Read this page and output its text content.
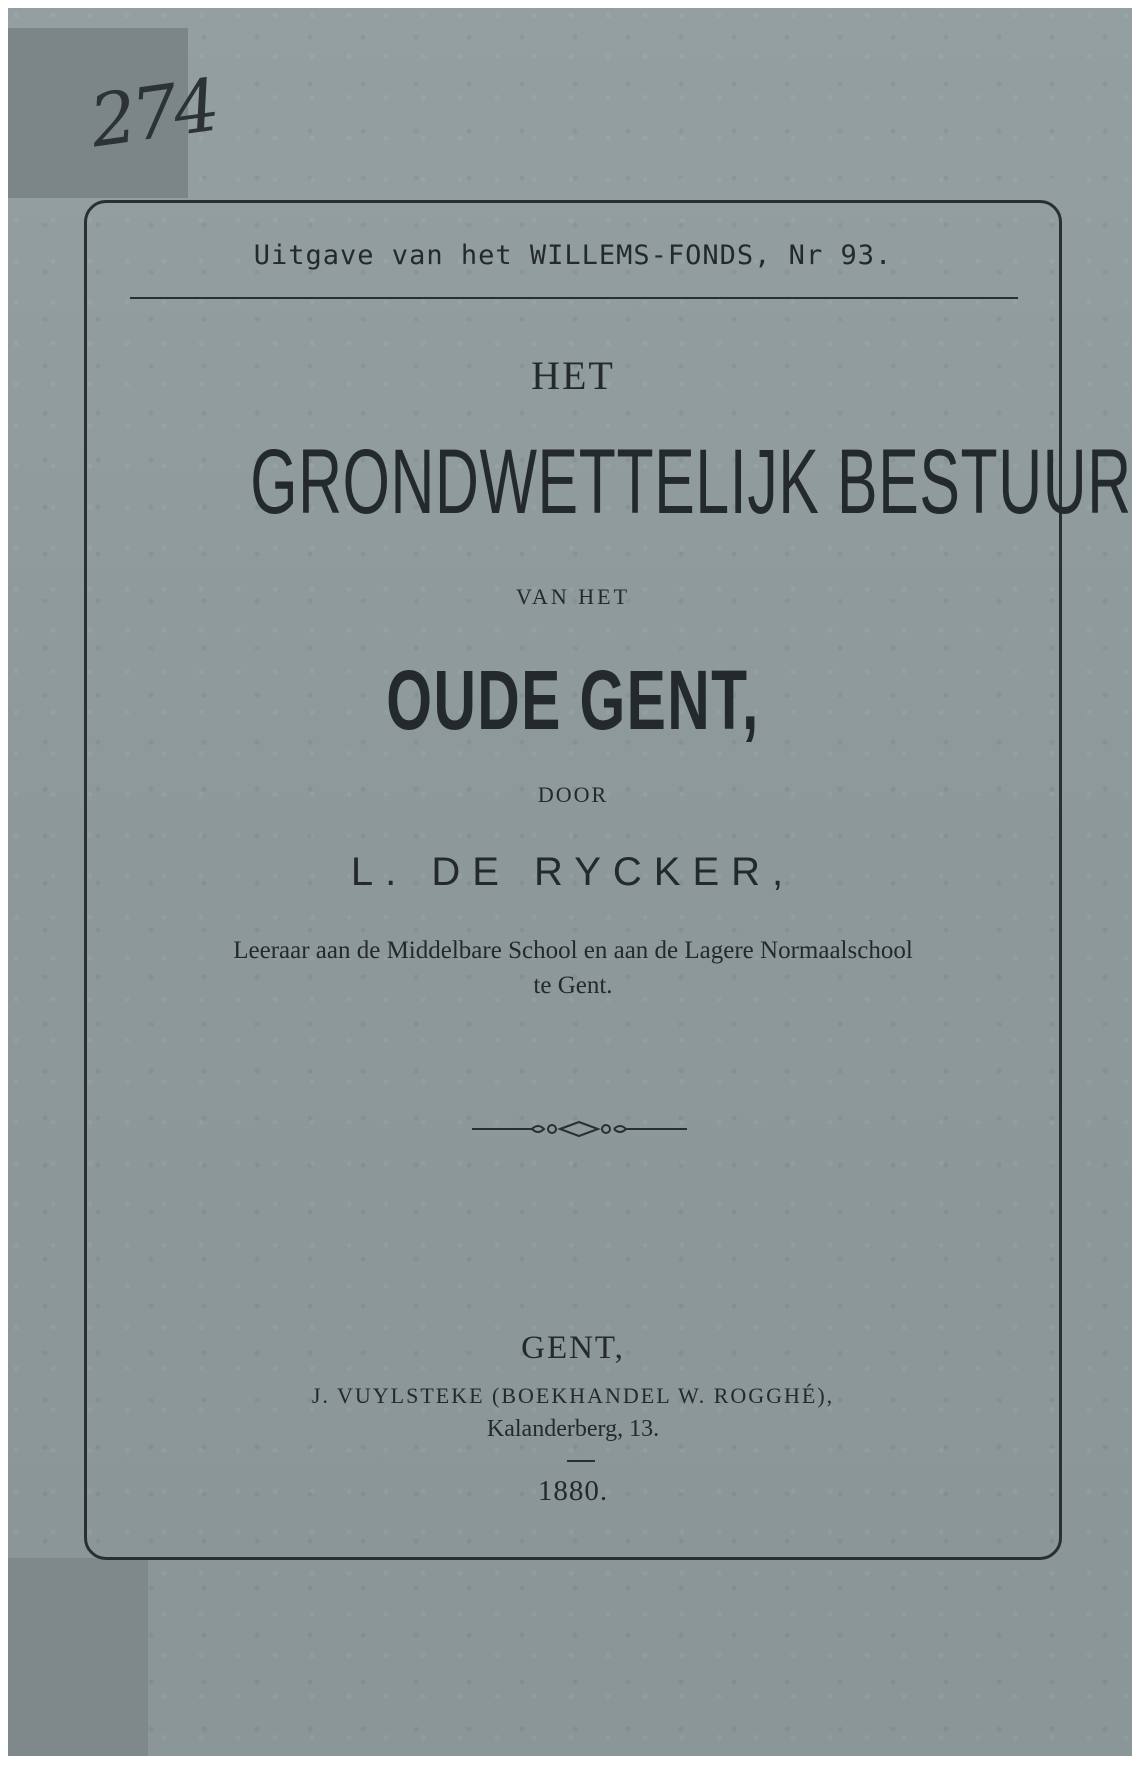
274
Uitgave van het WILLEMS-FONDS, Nr 93.
HET
GRONDWETTELIJK BESTUUR
VAN HET
OUDE GENT,
DOOR
L. DE RYCKER,
Leeraar aan de Middelbare School en aan de Lagere Normaalschool
te Gent.
GENT,
J. VUYLSTEKE (BOEKHANDEL W. ROGGHÉ),
Kalanderberg, 13.
1880.
